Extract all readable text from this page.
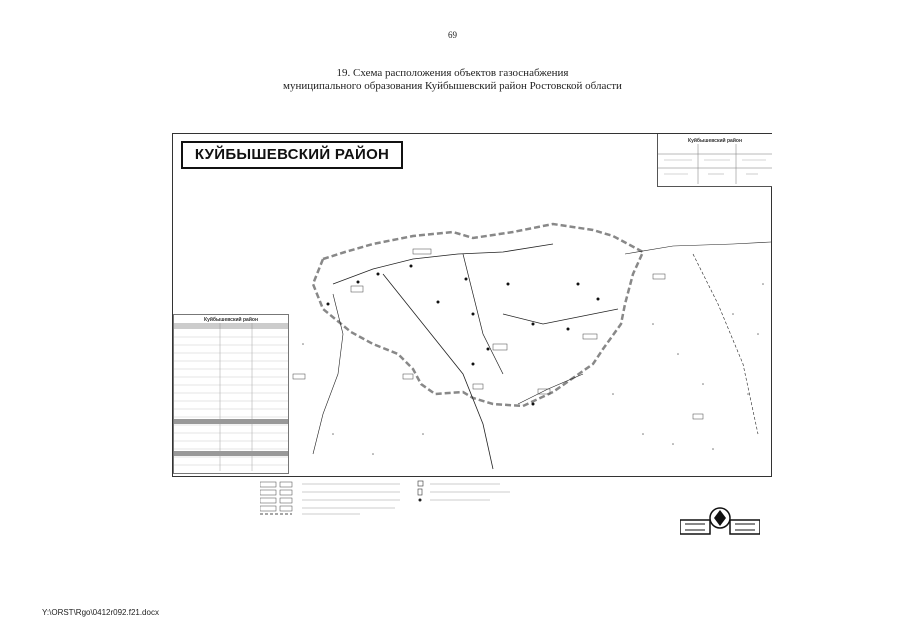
69
19. Схема расположения объектов газоснабжения
муниципального образования Куйбышевский район Ростовской области
КУЙБЫШЕВСКИЙ РАЙОН
Куйбышевский район
Куйбышевский район
Y:\ORST\Rgo\0412r092.f21.docx
